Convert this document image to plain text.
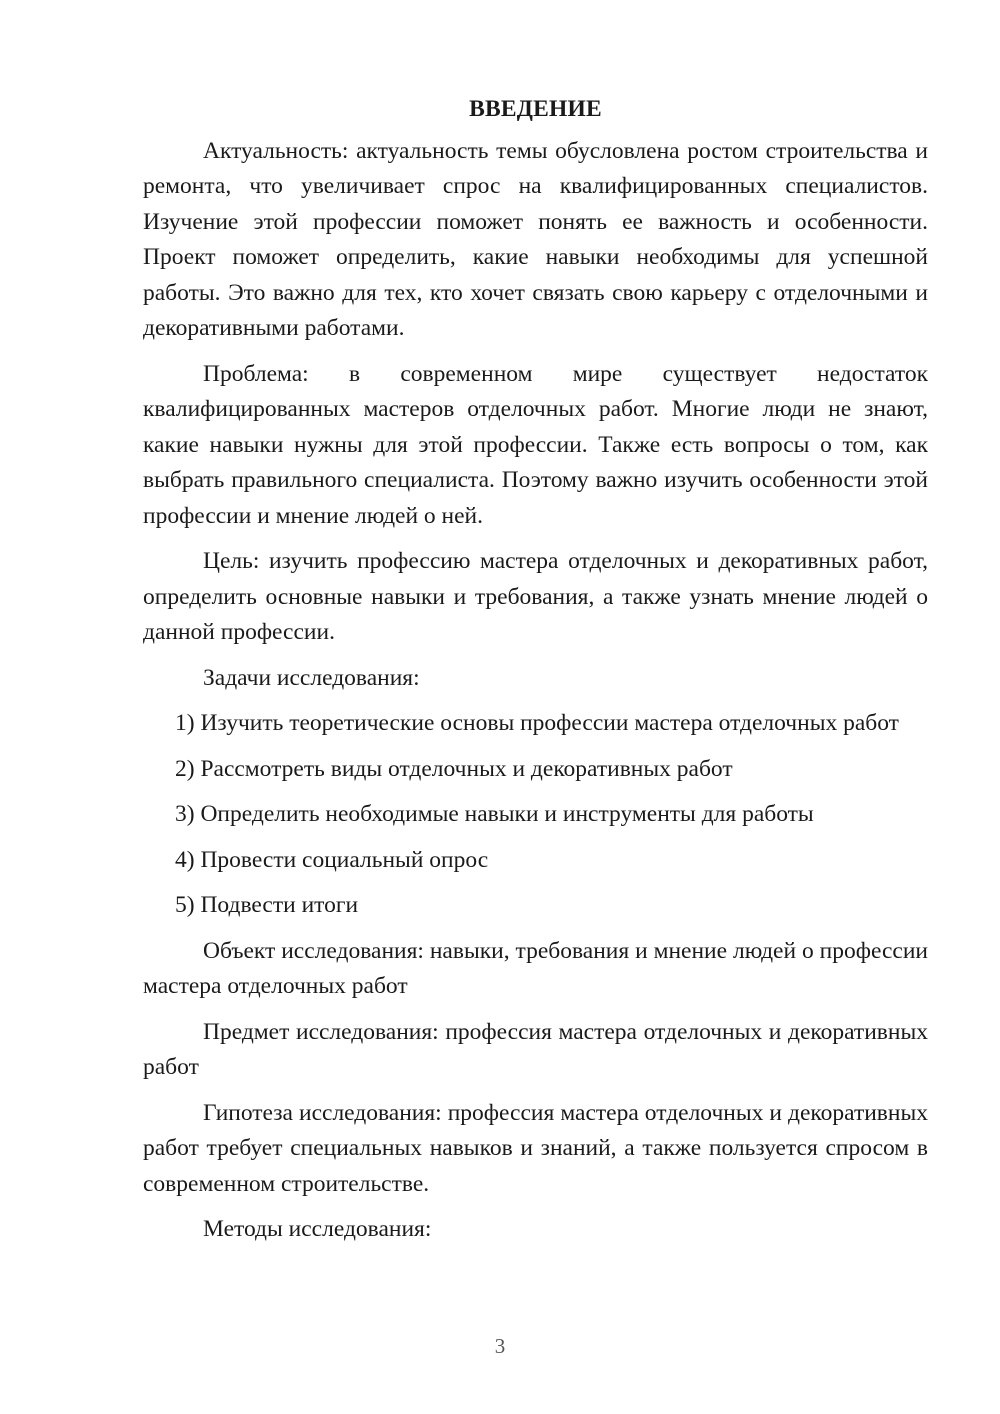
ВВЕДЕНИЕ

Актуальность: актуальность темы обусловлена ростом строительства и ремонта, что увеличивает спрос на квалифицированных специалистов. Изучение этой профессии поможет понять ее важность и особенности. Проект поможет определить, какие навыки необходимы для успешной работы. Это важно для тех, кто хочет связать свою карьеру с отделочными и декоративными работами.

Проблема: в современном мире существует недостаток квалифицированных мастеров отделочных работ. Многие люди не знают, какие навыки нужны для этой профессии. Также есть вопросы о том, как выбрать правильного специалиста. Поэтому важно изучить особенности этой профессии и мнение людей о ней.

Цель: изучить профессию мастера отделочных и декоративных работ, определить основные навыки и требования, а также узнать мнение людей о данной профессии.

Задачи исследования:

1) Изучить теоретические основы профессии мастера отделочных работ

2) Рассмотреть виды отделочных и декоративных работ

3) Определить необходимые навыки и инструменты для работы

4) Провести социальный опрос

5) Подвести итоги

Объект исследования: навыки, требования и мнение людей о профессии мастера отделочных работ

Предмет исследования: профессия мастера отделочных и декоративных работ

Гипотеза исследования: профессия мастера отделочных и декоративных работ требует специальных навыков и знаний, а также пользуется спросом в современном строительстве.

Методы исследования:

3
